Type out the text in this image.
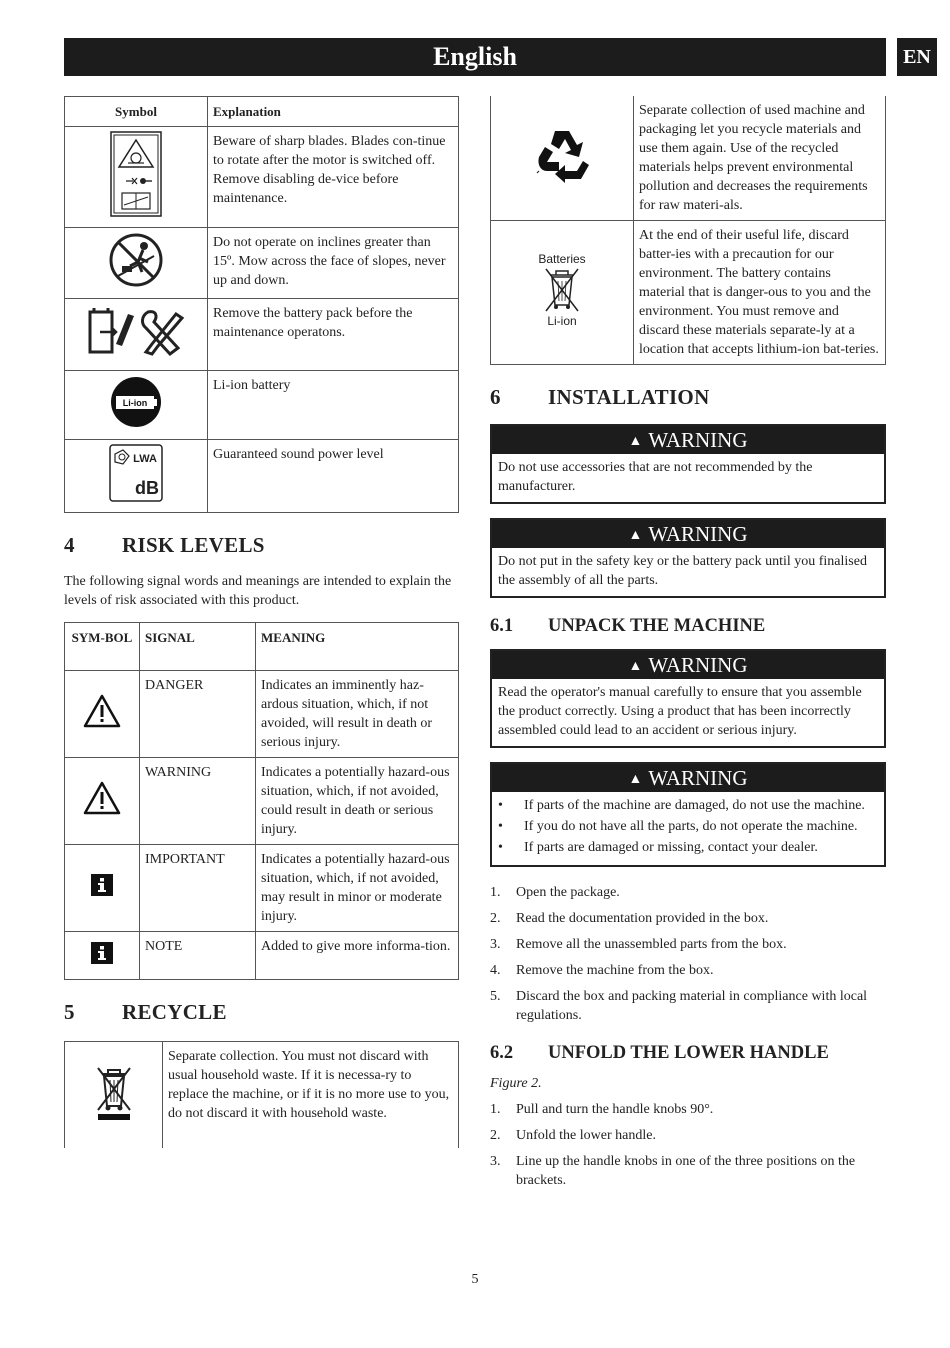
English	EN
Symbol	Explanation
	Beware of sharp blades. Blades con-tinue to rotate after the motor is switched off. Remove disabling de-vice before maintenance.
	Do not operate on inclines greater than 15º. Mow across the face of slopes, never up and down.
	Remove the battery pack before the maintenance operatons.

Li-ion	Li-ion battery

LWA
dB	Guaranteed sound power level
4	RISK LEVELS

The following signal words and meanings are intended to explain the levels of risk associated with this product.

SYM-BOL	SIGNAL	MEANING
	DANGER	Indicates an imminently haz-ardous situation, which, if not avoided, will result in death or serious injury.
	WARNING	Indicates a potentially hazard-ous situation, which, if not avoided, could result in death or serious injury.
	IMPORTANT	Indicates a potentially hazard-ous situation, which, if not avoided, may result in minor or moderate injury.
	NOTE	Added to give more informa-tion.
5	RECYCLE
	Separate collection. You must not discard with usual household waste. If it is necessa-ry to replace the machine, or if it is no more use to you, do not discard it with household waste.
	Separate collection of used machine and packaging let you recycle materials and use them again. Use of the recycled materials helps prevent environmental pollution and decreases the requirements for raw materi-als.

Batteries
Li-ion	At the end of their useful life, discard batter-ies with a precaution for our environment. The battery contains material that is danger-ous to you and the environment. You must remove and discard these materials separate-ly at a location that accepts lithium-ion bat-teries.
6	INSTALLATION
▲ WARNING
Do not use accessories that are not recommended by the manufacturer.
▲ WARNING
Do not put in the safety key or the battery pack until you finalised the assembly of all the parts.
6.1	UNPACK THE MACHINE
▲ WARNING
Read the operator's manual carefully to ensure that you assemble the product correctly. Using a product that has been incorrectly assembled could lead to an accident or serious injury.
▲ WARNING
•	If parts of the machine are damaged, do not use the machine.
•	If you do not have all the parts, do not operate the machine.
•	If parts are damaged or missing, contact your dealer.
1.	Open the package.
2.	Read the documentation provided in the box.
3.	Remove all the unassembled parts from the box.
4.	Remove the machine from the box.
5.	Discard the box and packing material in compliance with local regulations.
6.2	UNFOLD THE LOWER HANDLE

Figure 2.

1.	Pull and turn the handle knobs 90°.
2.	Unfold the lower handle.
3.	Line up the handle knobs in one of the three positions on the brackets.
5
